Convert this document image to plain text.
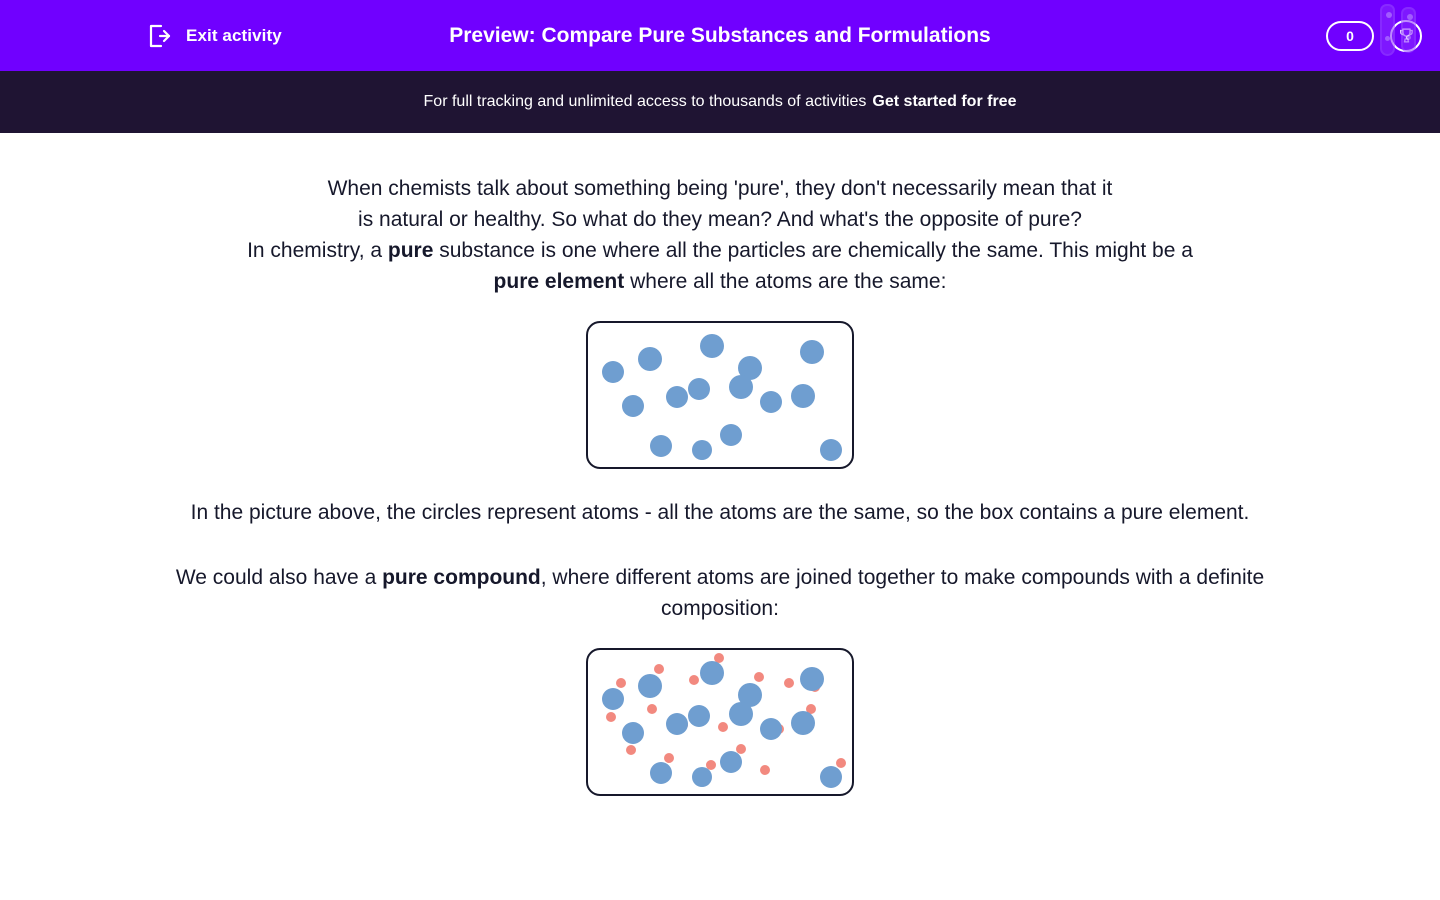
Exit activity	Preview: Compare Pure Substances and Formulations	0
For full tracking and unlimited access to thousands of activities Get started for free
When chemists talk about something being 'pure', they don't necessarily mean that it
is natural or healthy. So what do they mean? And what's the opposite of pure?
In chemistry, a pure substance is one where all the particles are chemically the same. This might be a
pure element where all the atoms are the same:
In the picture above, the circles represent atoms - all the atoms are the same, so the box contains a pure element.
We could also have a pure compound, where different atoms are joined together to make compounds with a definite composition:
